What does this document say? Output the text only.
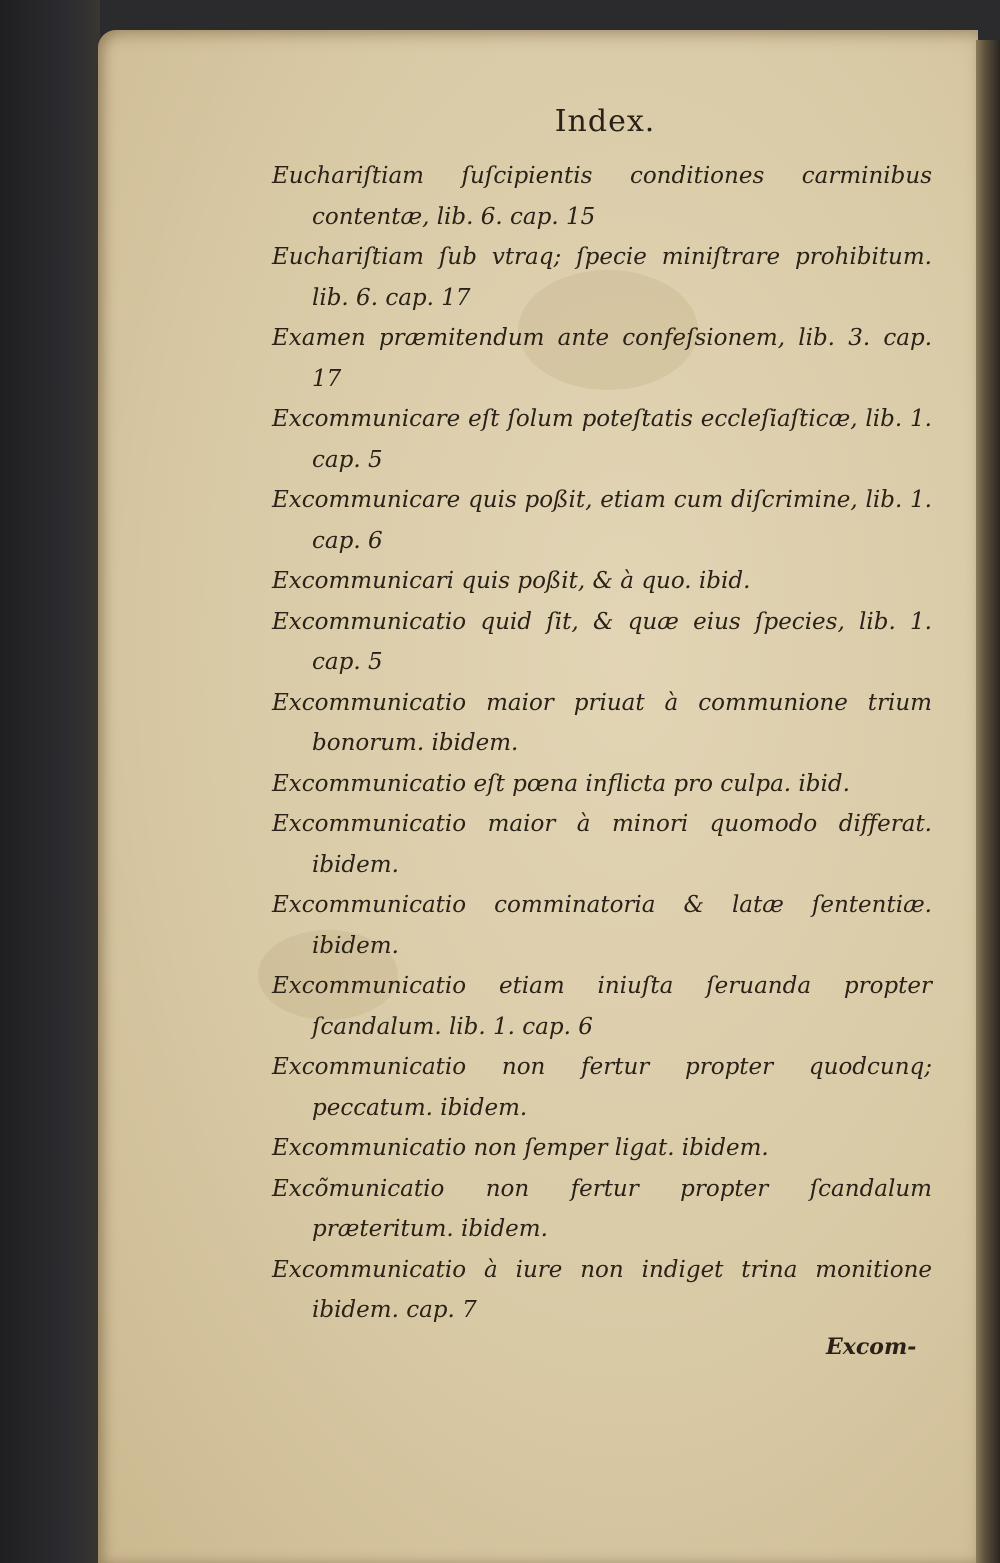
Index.

Euchariſtiam ſuſcipientis conditiones carminibus contentæ, lib. 6. cap. 15

Euchariſtiam ſub vtraq; ſpecie miniſtrare prohibitum. lib. 6. cap. 17

Examen præmitendum ante confeſsionem, lib. 3. cap. 17

Excommunicare eſt ſolum poteſtatis eccleſiaſticæ, lib. 1. cap. 5

Excommunicare quis poßit, etiam cum diſcrimine, lib. 1. cap. 6

Excommunicari quis poßit, & à quo. ibid.

Excommunicatio quid ſit, & quæ eius ſpecies, lib. 1. cap. 5

Excommunicatio maior priuat à communione trium bonorum. ibidem.

Excommunicatio eſt pœna inflicta pro culpa. ibid.

Excommunicatio maior à minori quomodo differat. ibidem.

Excommunicatio comminatoria & latæ ſententiæ. ibidem.

Excommunicatio etiam iniuſta ſeruanda propter ſcandalum. lib. 1. cap. 6

Excommunicatio non fertur propter quodcunq; peccatum. ibidem.

Excommunicatio non ſemper ligat. ibidem.

Excõmunicatio non fertur propter ſcandalum præteritum. ibidem.

Excommunicatio à iure non indiget trina monitione ibidem. cap. 7

Excom-
